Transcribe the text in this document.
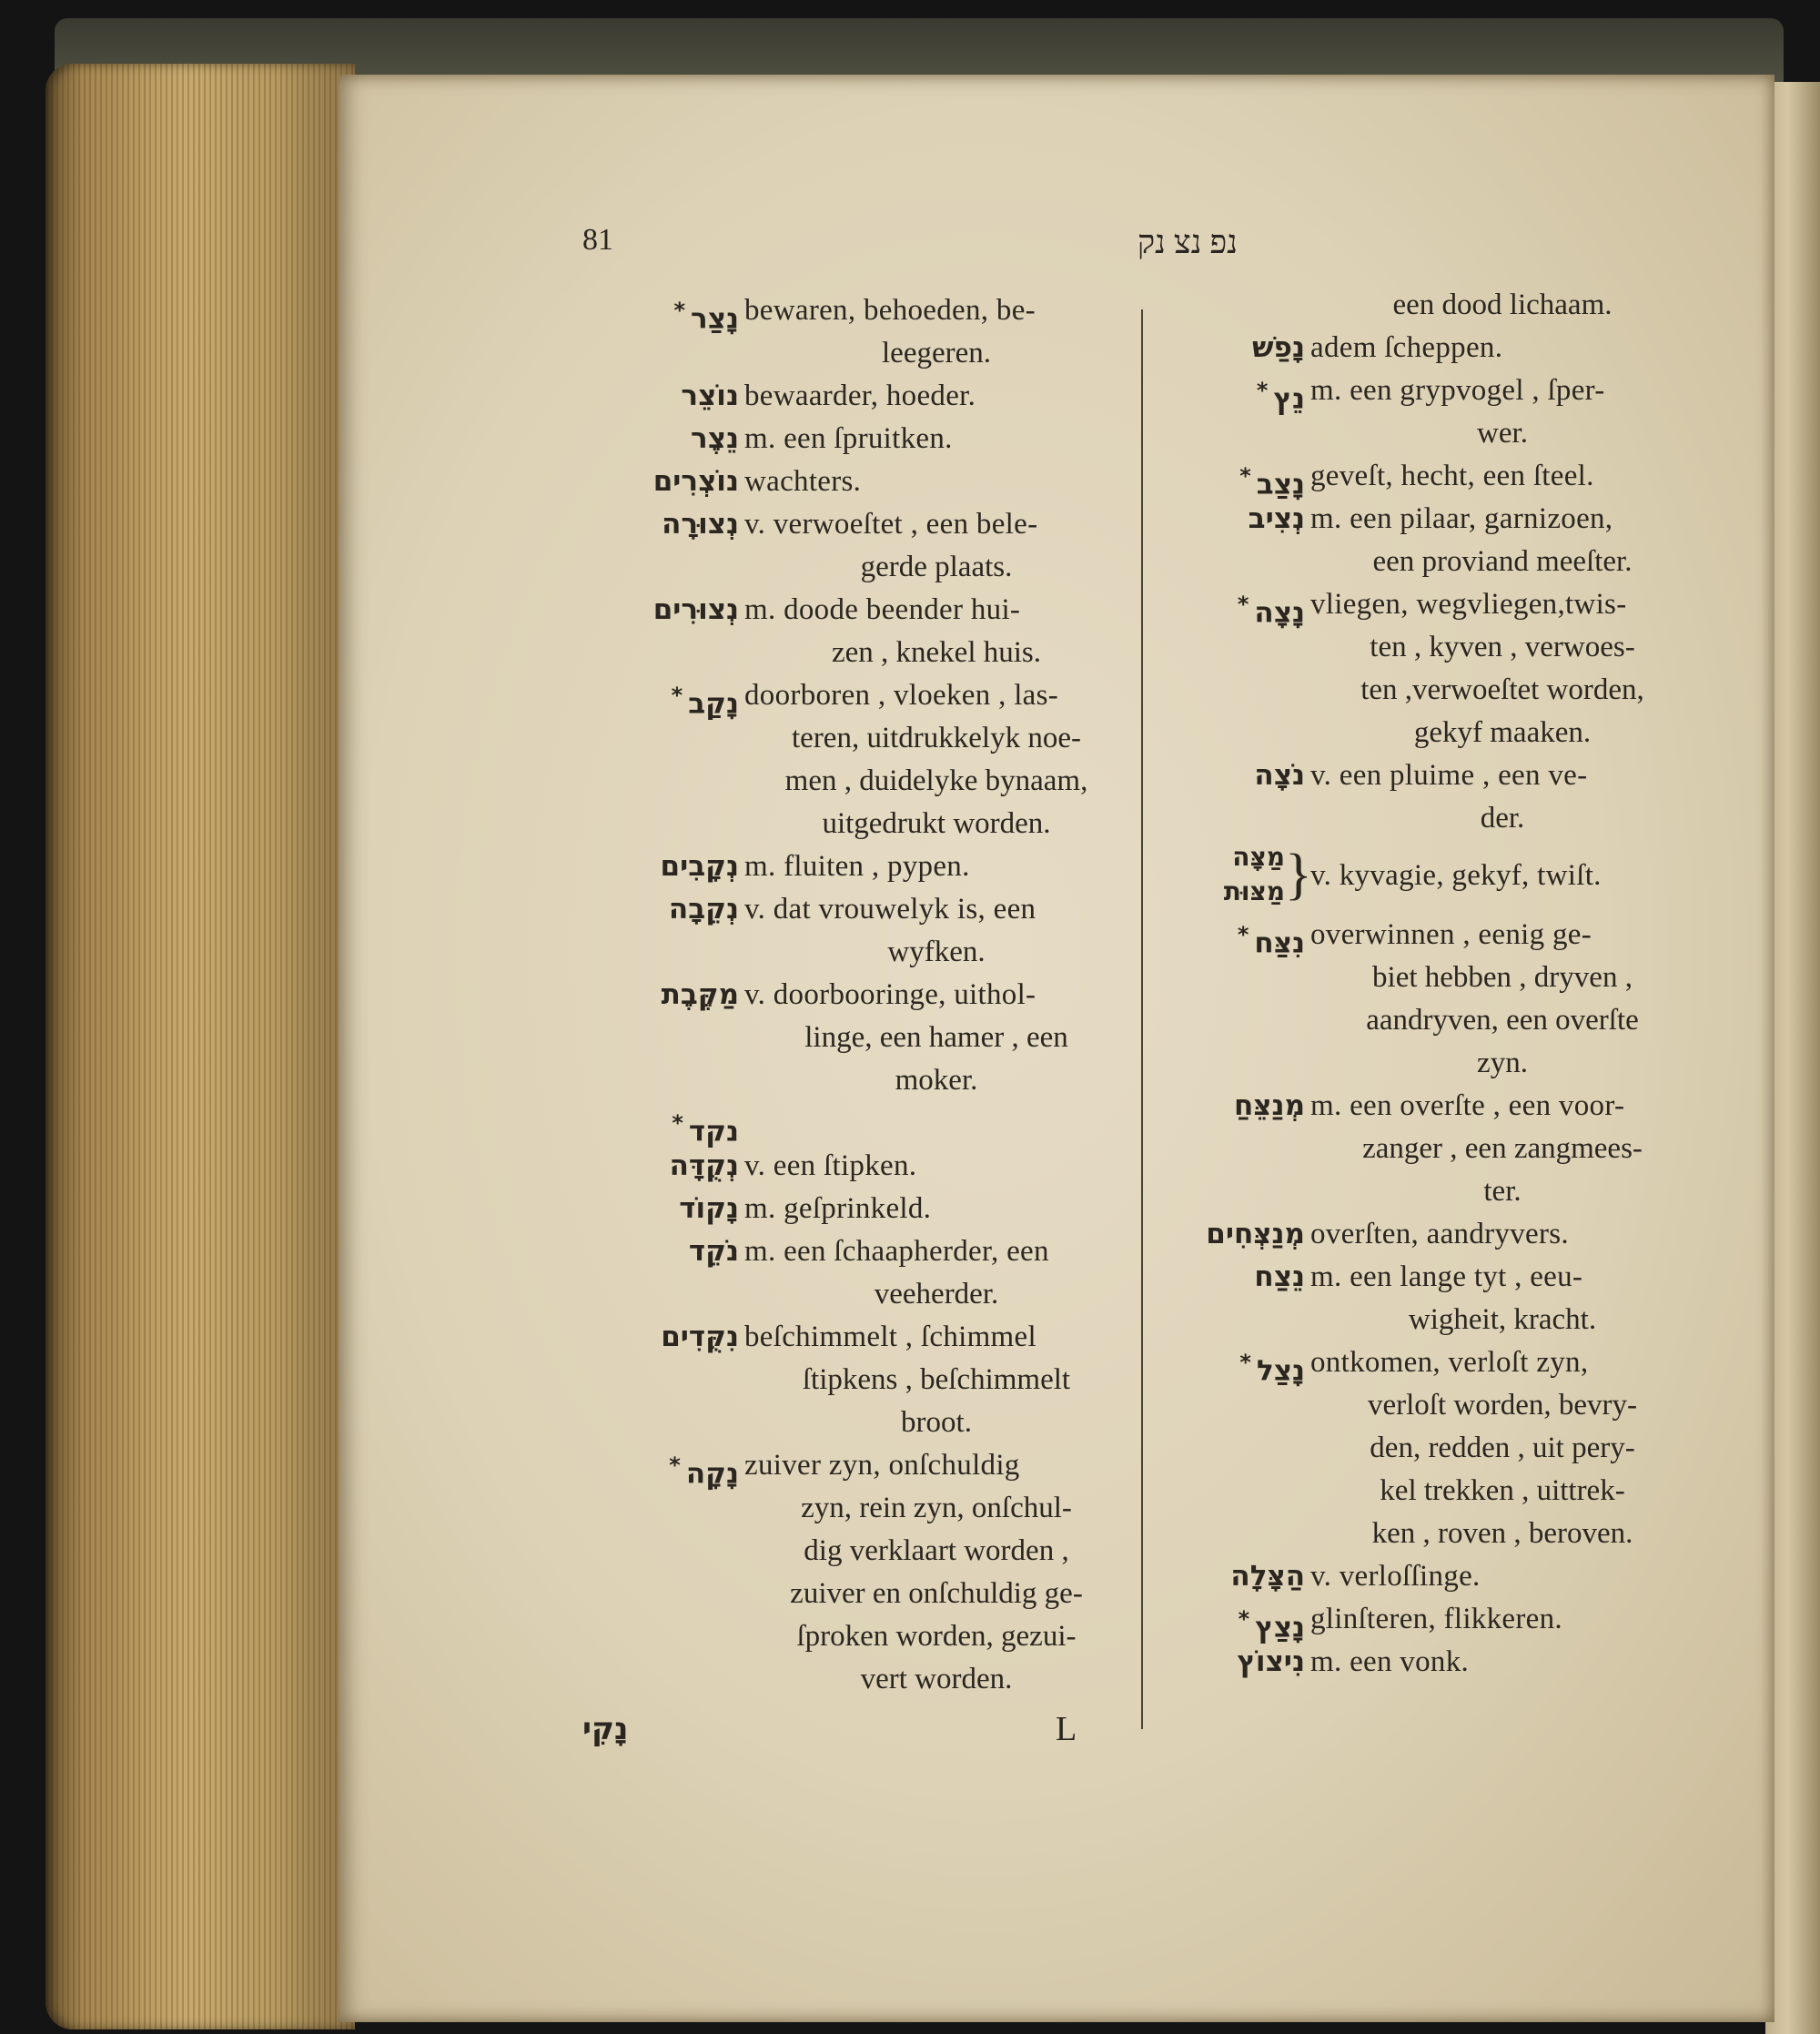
81	נפ נצ נק
נָצַר*	bewaren, behoeden, be-
leegeren.
נוֹצֵר bewaarder, hoeder.
נֵצֶר m. een ſpruitken.
נוֹצְרִים wachters.
נְצוּרָה v. verwoeſtet , een bele-
gerde plaats.
נְצוּרִים m. doode beender hui-
zen , knekel huis.
נָקַב*	doorboren , vloeken , las-
teren, uitdrukkelyk noe-
men , duidelyke bynaam,
uitgedrukt worden.
נְקָבִים m. fluiten , pypen.
נְקֵבָה v. dat vrouwelyk is, een
wyfken.
מַקֶּבֶת v. doorbooringe, uithol-
linge, een hamer , een
moker.
נקד*

נְקֻדָּה v. een ſtipken.
נָקוֹד m. geſprinkeld.
נֹקֵד m. een ſchaapherder, een
veeherder.
נִקֻּדִים beſchimmelt , ſchimmel
ſtipkens , beſchimmelt
broot.
נָקָה*	zuiver zyn, onſchuldig
zyn, rein zyn, onſchul-
dig verklaart worden ,
zuiver en onſchuldig ge-
ſproken worden, gezui-
vert worden.
een dood lichaam.
נָפַשׁ adem ſcheppen.
נֵץ*	m. een grypvogel , ſper-
wer.
נָצַב*	geveſt, hecht, een ſteel.
נְצִיב m. een pilaar, garnizoen,
een proviand meeſter.
נָצָה*	vliegen, wegvliegen,twis-
ten , kyven , verwoes-
ten ,verwoeſtet worden,
gekyf maaken.
נֹצָה v. een pluime , een ve-
der.
מַצָּה
מַצּוּת }
v. kyvagie, gekyf, twiſt.
נִצַּח*	overwinnen , eenig ge-
biet hebben , dryven ,
aandryven, een overſte
zyn.
מְנַצֵּחַ m. een overſte , een voor-
zanger , een zangmees-
ter.
מְנַצְּחִים overſten, aandryvers.
נֵצַח m. een lange tyt , eeu-
wigheit, kracht.
נָצַל*	ontkomen, verloſt zyn,
verloſt worden, bevry-
den, redden , uit pery-
kel trekken , uittrek-
ken , roven , beroven.
הַצָּלָה v. verloſſinge.
נָצַץ*	glinſteren, flikkeren.
נִיצוֹץ m. een vonk.
נָקִי	L
